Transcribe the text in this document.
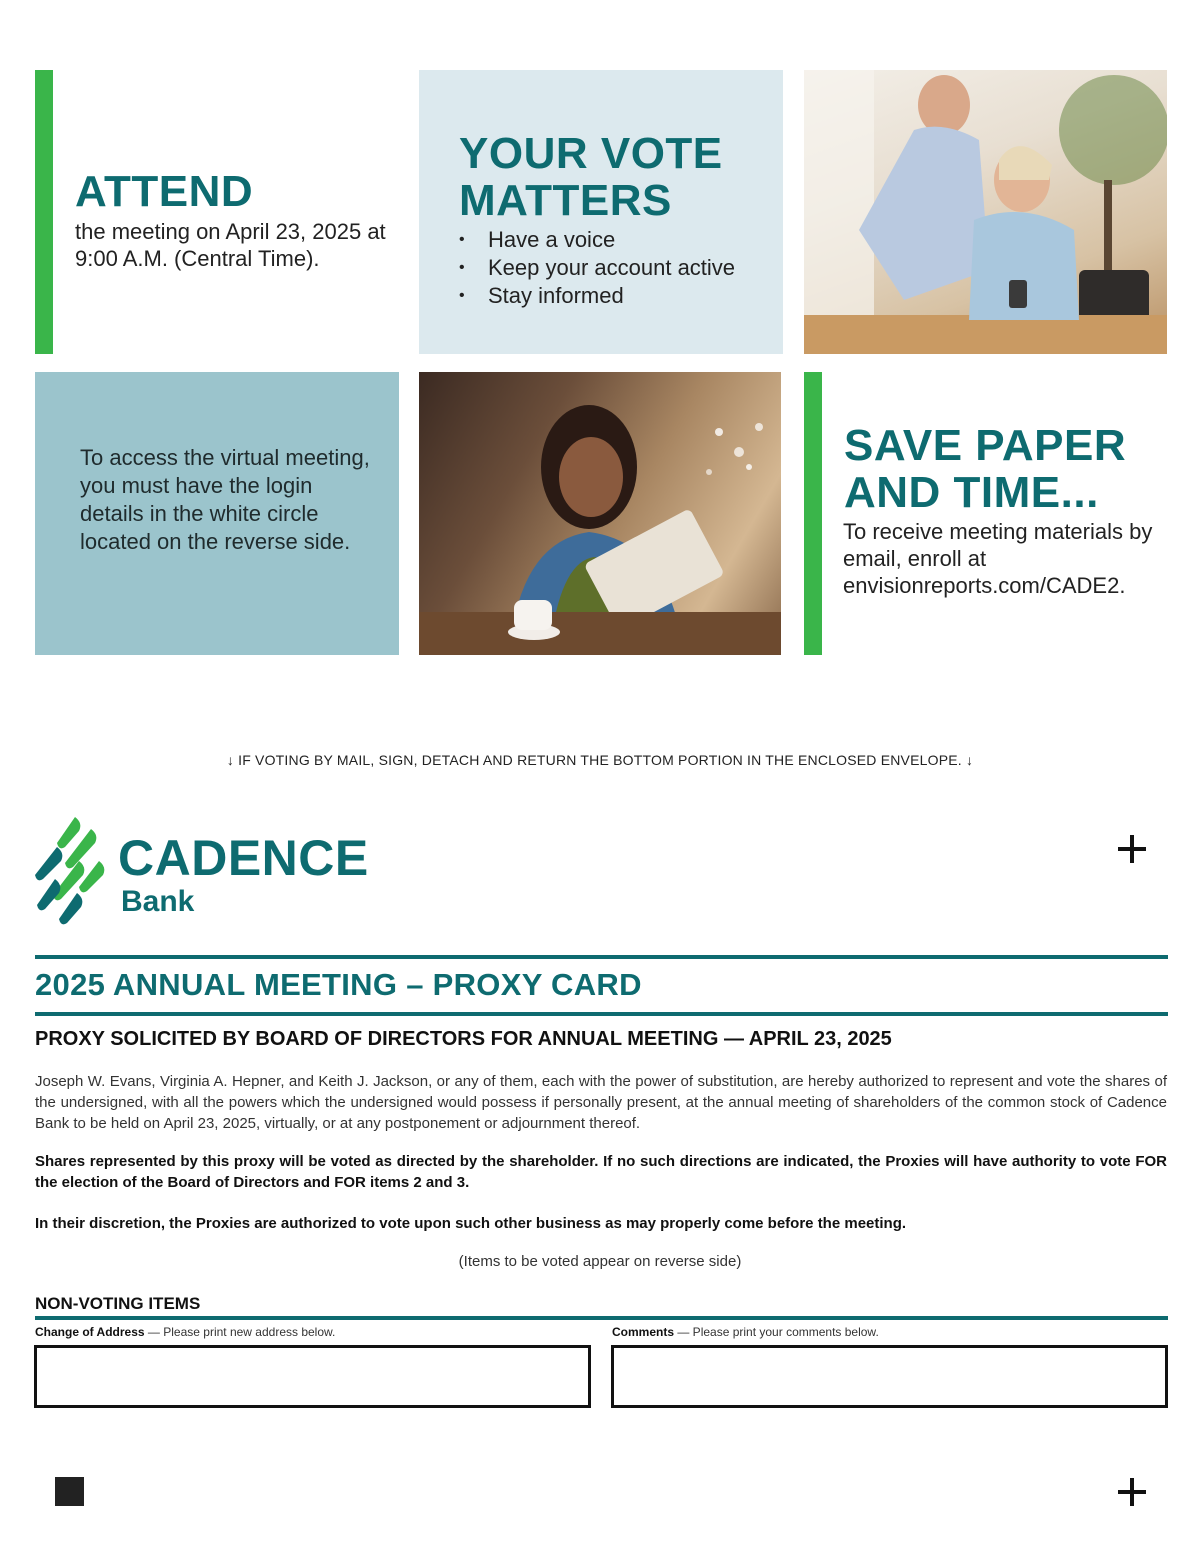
ATTEND
the meeting on April 23, 2025 at 9:00 A.M. (Central Time).
YOUR VOTE MATTERS
• Have a voice
• Keep your account active
• Stay informed
To access the virtual meeting, you must have the login details in the white circle located on the reverse side.
SAVE PAPER AND TIME...
To receive meeting materials by email, enroll at envisionreports.com/CADE2.
↓ IF VOTING BY MAIL, SIGN, DETACH AND RETURN THE BOTTOM PORTION IN THE ENCLOSED ENVELOPE. ↓
CADENCE
Bank
2025 ANNUAL MEETING – PROXY CARD
PROXY SOLICITED BY BOARD OF DIRECTORS FOR ANNUAL MEETING — APRIL 23, 2025
Joseph W. Evans, Virginia A. Hepner, and Keith J. Jackson, or any of them, each with the power of substitution, are hereby authorized to represent and vote the shares of the undersigned, with all the powers which the undersigned would possess if personally present, at the annual meeting of shareholders of the common stock of Cadence Bank to be held on April 23, 2025, virtually, or at any postponement or adjournment thereof.
Shares represented by this proxy will be voted as directed by the shareholder. If no such directions are indicated, the Proxies will have authority to vote FOR the election of the Board of Directors and FOR items 2 and 3.
In their discretion, the Proxies are authorized to vote upon such other business as may properly come before the meeting.
(Items to be voted appear on reverse side)
NON-VOTING ITEMS
Change of Address — Please print new address below.	Comments — Please print your comments below.
